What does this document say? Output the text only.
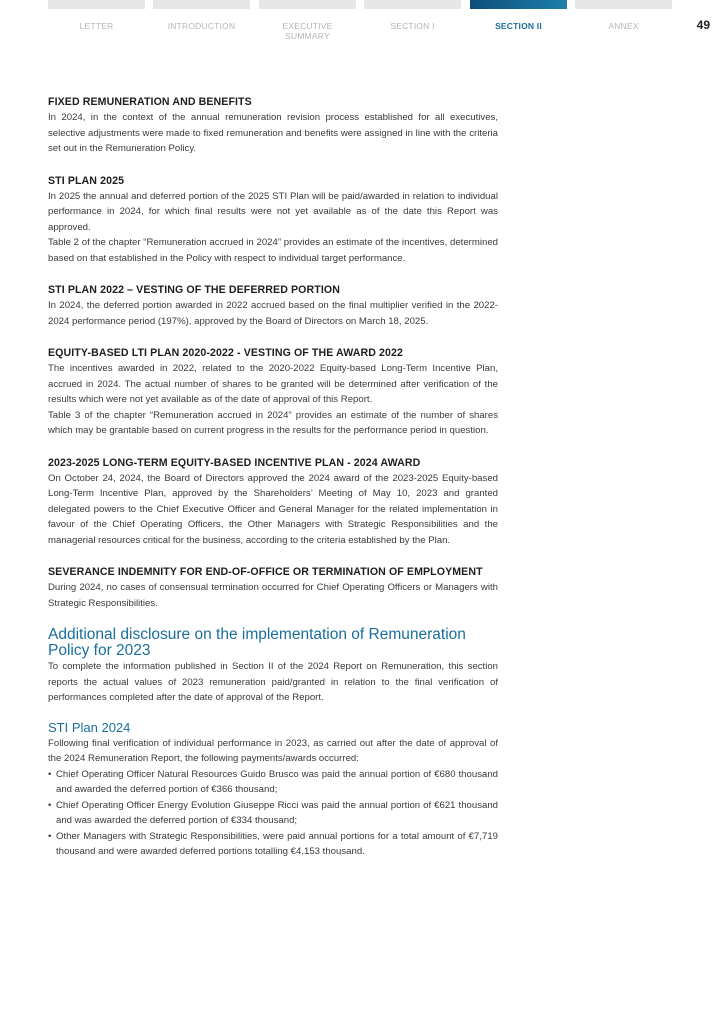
LETTER	INTRODUCTION	EXECUTIVE SUMMARY
SECTION I	SECTION II	ANNEX	49
FIXED REMUNERATION AND BENEFITS

In 2024, in the context of the annual remuneration revision process established for all executives, selective adjustments were made to fixed remuneration and benefits were assigned in line with the criteria set out in the Remuneration Policy.

STI PLAN 2025

In 2025 the annual and deferred portion of the 2025 STI Plan will be paid/awarded in relation to individual performance in 2024, for which final results were not yet available as of the date this Report was approved.

Table 2 of the chapter “Remuneration accrued in 2024” provides an estimate of the incentives, determined based on that established in the Policy with respect to individual target performance.

STI PLAN 2022 – VESTING OF THE DEFERRED PORTION

In 2024, the deferred portion awarded in 2022 accrued based on the final multiplier verified in the 2022-2024 performance period (197%), approved by the Board of Directors on March 18, 2025.

EQUITY-BASED LTI PLAN 2020-2022 - VESTING OF THE AWARD 2022

The incentives awarded in 2022, related to the 2020-2022 Equity-based Long-Term Incentive Plan, accrued in 2024. The actual number of shares to be granted will be determined after verification of the results which were not yet available as of the date of approval of this Report.

Table 3 of the chapter “Remuneration accrued in 2024” provides an estimate of the number of shares which may be grantable based on current progress in the results for the performance period in question.

2023-2025 LONG-TERM EQUITY-BASED INCENTIVE PLAN - 2024 AWARD

On October 24, 2024, the Board of Directors approved the 2024 award of the 2023-2025 Equity-based Long-Term Incentive Plan, approved by the Shareholders’ Meeting of May 10, 2023 and granted delegated powers to the Chief Executive Officer and General Manager for the related implementation in favour of the Chief Operating Officers, the Other Managers with Strategic Responsibilities and the managerial resources critical for the business, according to the criteria established by the Plan.

SEVERANCE INDEMNITY FOR END-OF-OFFICE OR TERMINATION OF EMPLOYMENT

During 2024, no cases of consensual termination occurred for Chief Operating Officers or Managers with Strategic Responsibilities.

Additional disclosure on the implementation of Remuneration Policy for 2023

To complete the information published in Section II of the 2024 Report on Remuneration, this section reports the actual values of 2023 remuneration paid/granted in relation to the final verification of performances completed after the date of approval of the Report.

STI Plan 2024

Following final verification of individual performance in 2023, as carried out after the date of approval of the 2024 Remuneration Report, the following payments/awards occurred:

• Chief Operating Officer Natural Resources Guido Brusco was paid the annual portion of €680 thousand and awarded the deferred portion of €366 thousand;
• Chief Operating Officer Energy Evolution Giuseppe Ricci was paid the annual portion of €621 thousand and was awarded the deferred portion of €334 thousand;
• Other Managers with Strategic Responsibilities, were paid annual portions for a total amount of €7,719 thousand and were awarded deferred portions totalling €4,153 thousand.
